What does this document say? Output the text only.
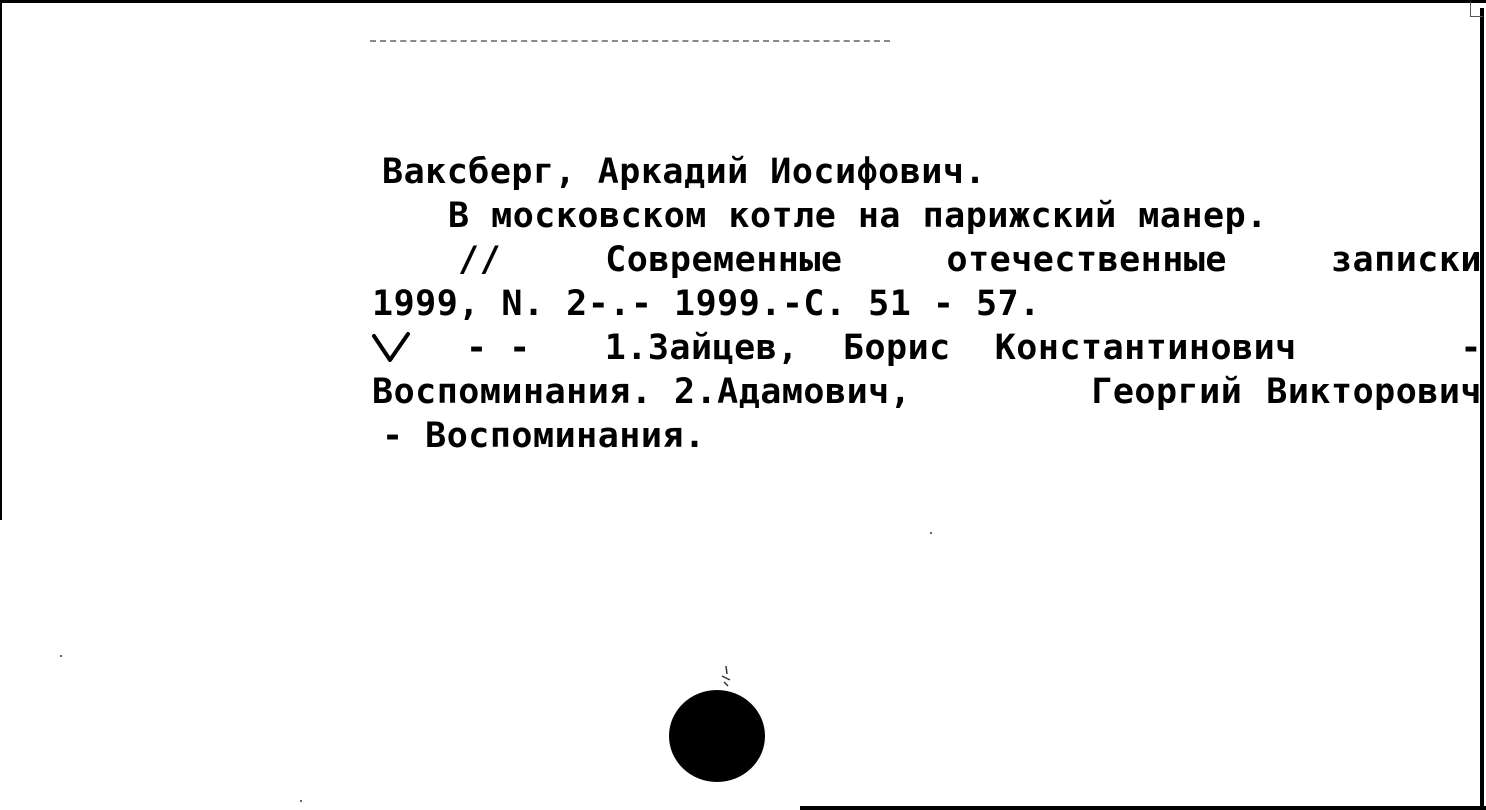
Ваксберг, Аркадий Иосифович.
В московском котле на парижский манер.
//	Современные	отечественные	записки
1999, N. 2-.- 1999.-С. 51 - 57.
- - 1.Зайцев, Борис Константинович	-
Воспоминания. 2.Адамович,	Георгий Викторович
- Воспоминания.
